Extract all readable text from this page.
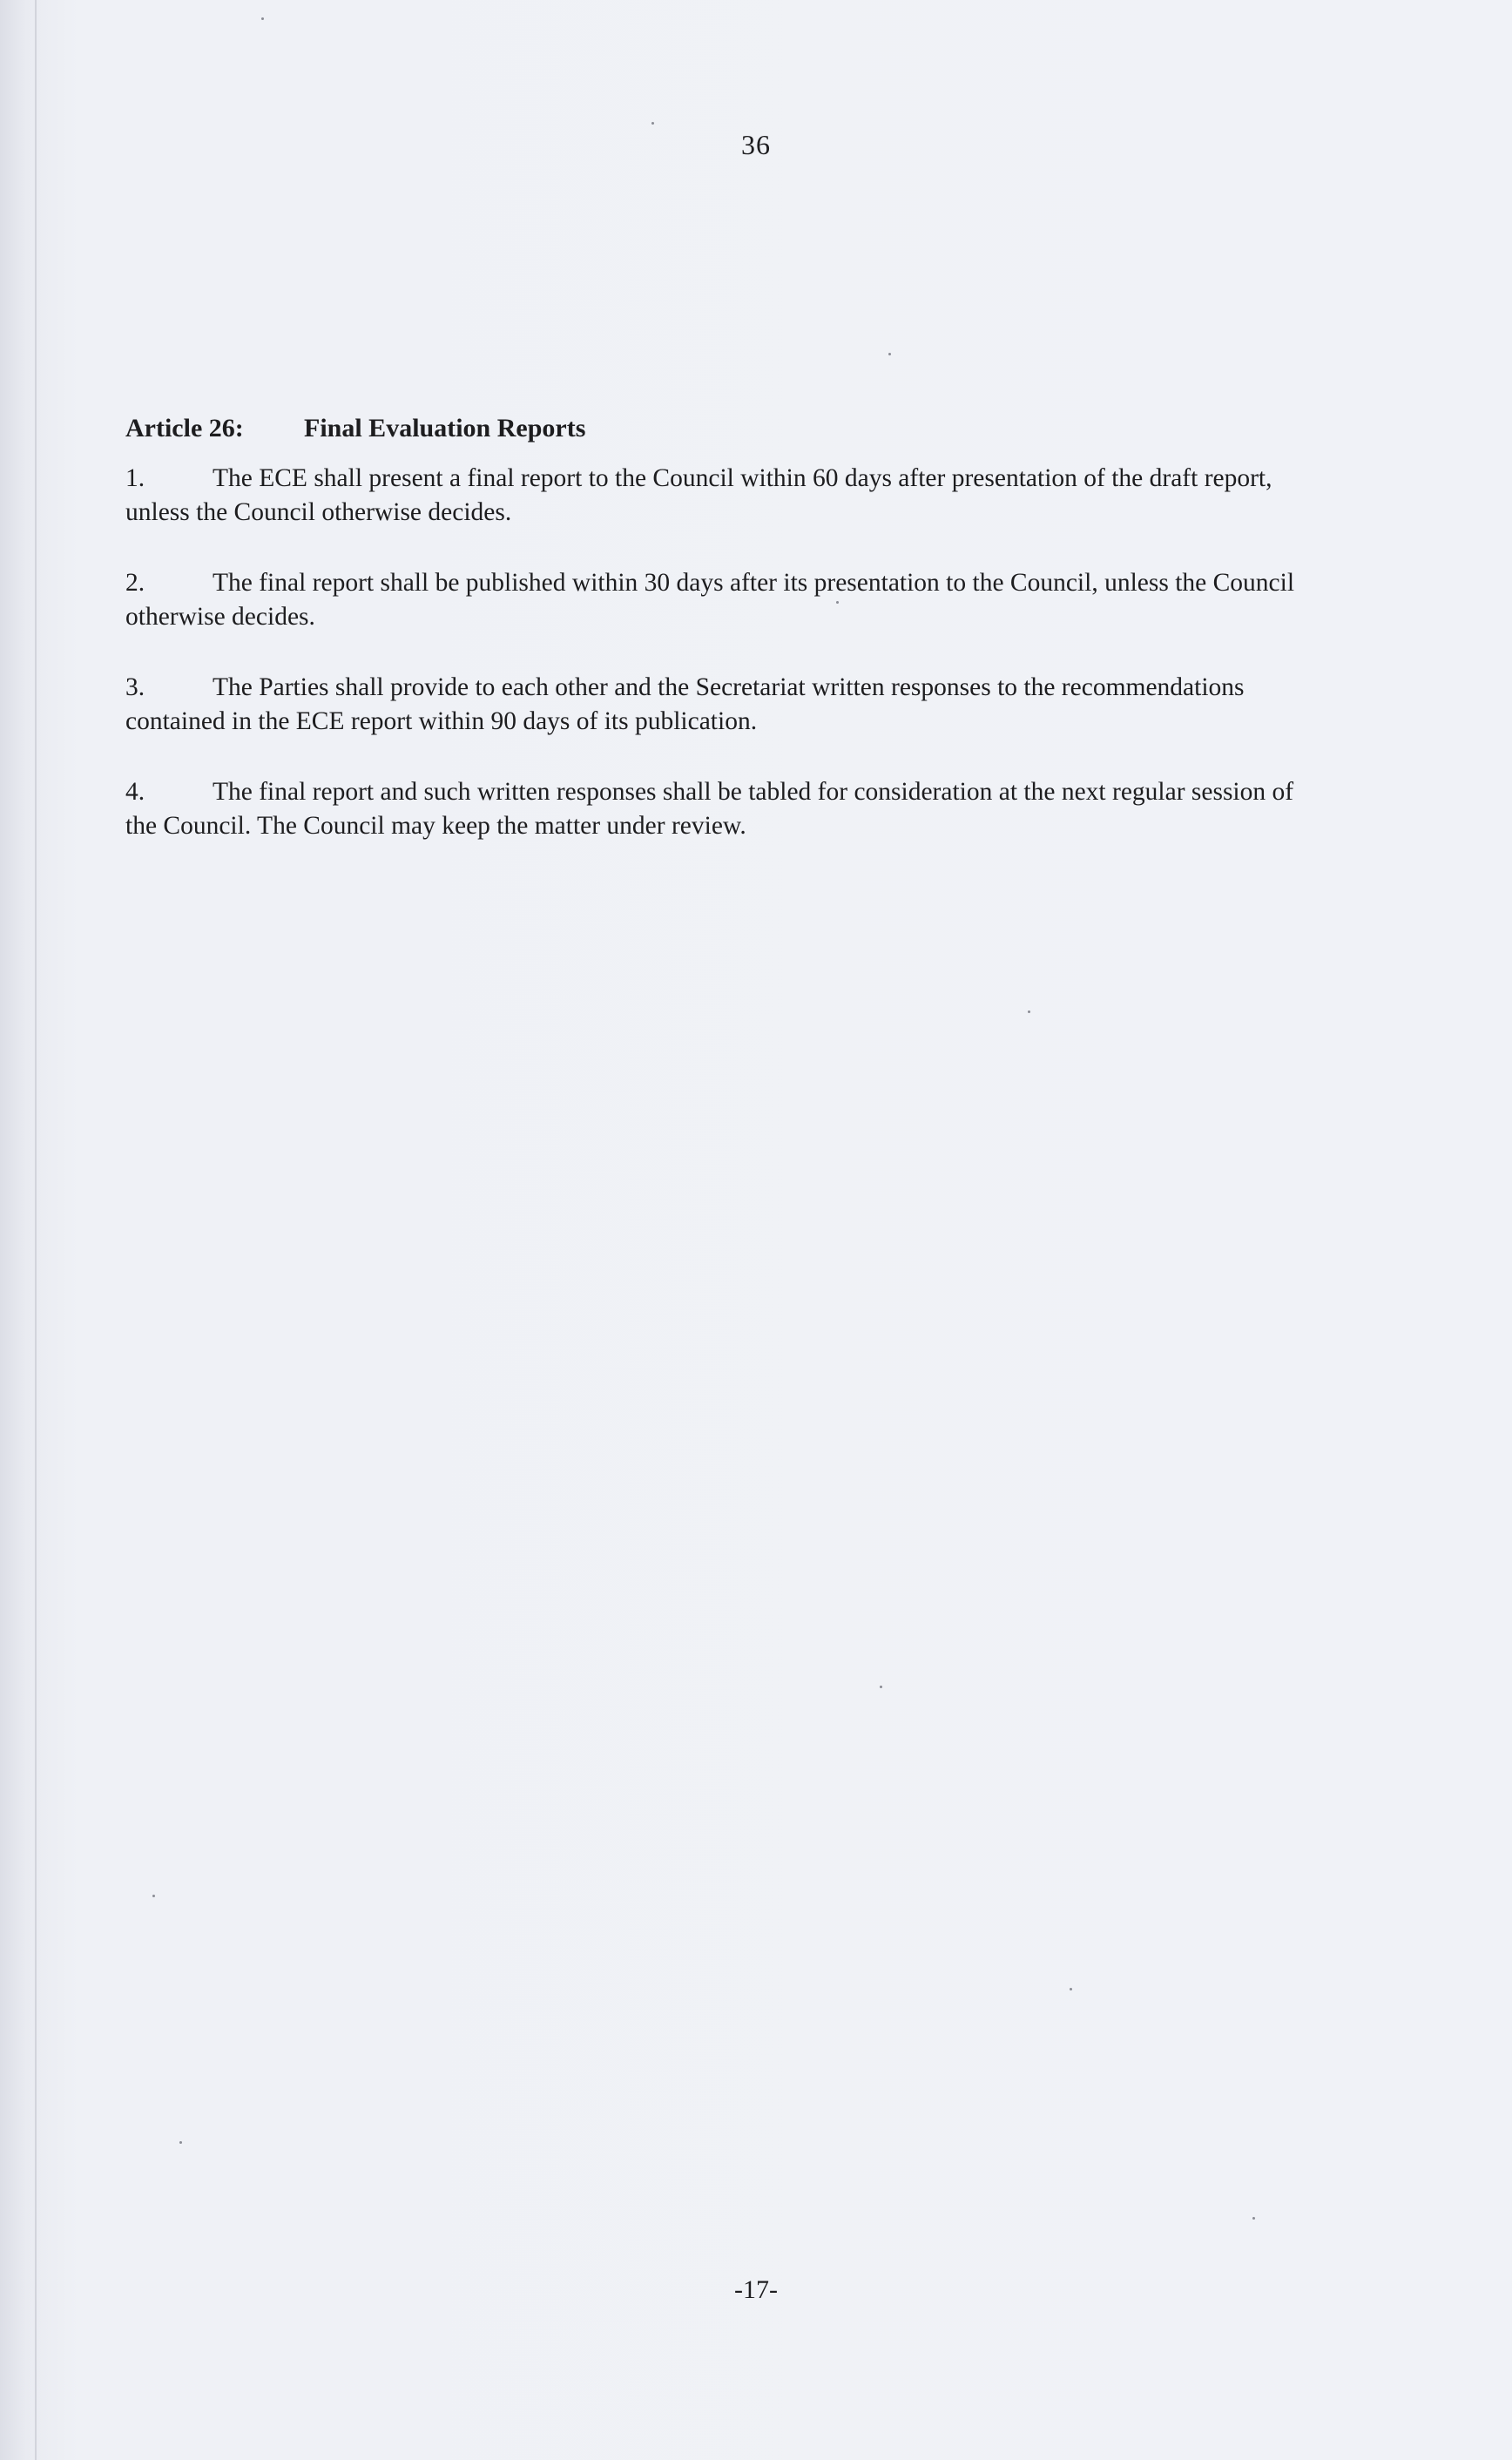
36
Article 26:	Final Evaluation Reports

1.	The ECE shall present a final report to the Council within 60 days after presentation of the draft report, unless the Council otherwise decides.

2.	The final report shall be published within 30 days after its presentation to the Council, unless the Council otherwise decides.

3.	The Parties shall provide to each other and the Secretariat written responses to the recommendations contained in the ECE report within 90 days of its publication.

4.	The final report and such written responses shall be tabled for consideration at the next regular session of the Council. The Council may keep the matter under review.

-17-
